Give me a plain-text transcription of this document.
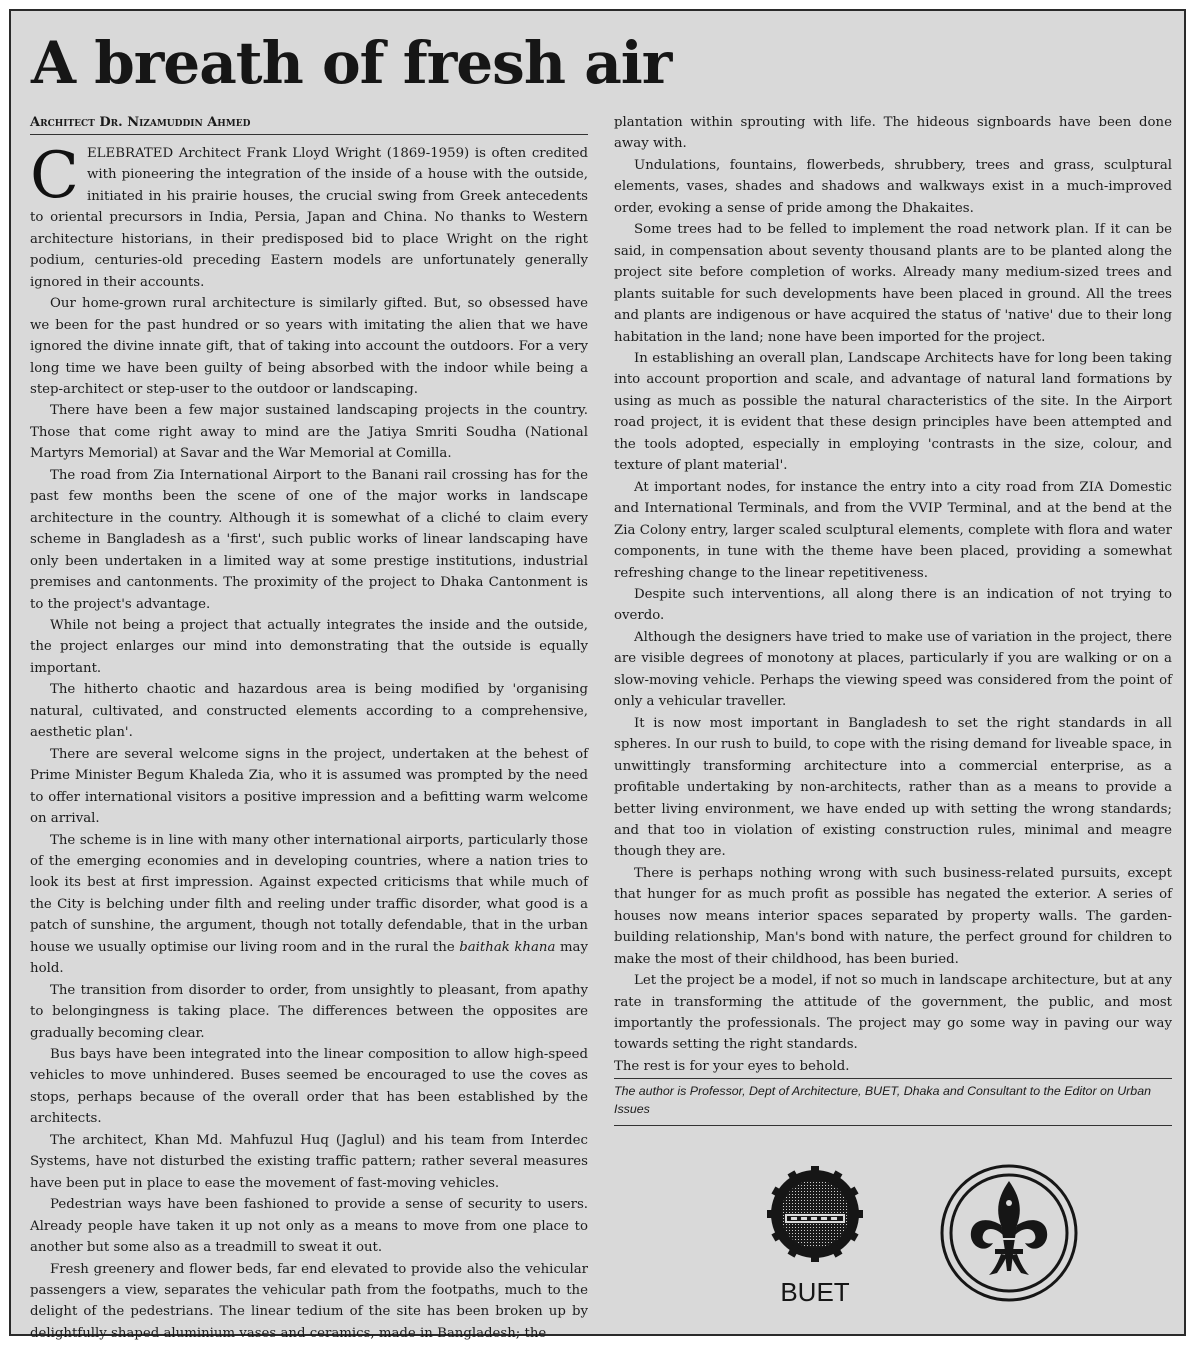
A breath of fresh air
Architect Dr. Nizamuddin Ahmed

CELEBRATED Architect Frank Lloyd Wright (1869-1959) is often credited with pioneering the integration of the inside of a house with the outside, initiated in his prairie houses, the crucial swing from Greek antecedents to oriental precursors in India, Persia, Japan and China. No thanks to Western architecture historians, in their predisposed bid to place Wright on the right podium, centuries-old preceding Eastern models are unfortunately generally ignored in their accounts.

Our home-grown rural architecture is similarly gifted. But, so obsessed have we been for the past hundred or so years with imitating the alien that we have ignored the divine innate gift, that of taking into account the outdoors. For a very long time we have been guilty of being absorbed with the indoor while being a step-architect or step-user to the outdoor or landscaping.

There have been a few major sustained landscaping projects in the country. Those that come right away to mind are the Jatiya Smriti Soudha (National Martyrs Memorial) at Savar and the War Memorial at Comilla.

The road from Zia International Airport to the Banani rail crossing has for the past few months been the scene of one of the major works in landscape architecture in the country. Although it is somewhat of a cliché to claim every scheme in Bangladesh as a 'first', such public works of linear landscaping have only been undertaken in a limited way at some prestige institutions, industrial premises and cantonments. The proximity of the project to Dhaka Cantonment is to the project's advantage.

While not being a project that actually integrates the inside and the outside, the project enlarges our mind into demonstrating that the outside is equally important.

The hitherto chaotic and hazardous area is being modified by 'organising natural, cultivated, and constructed elements according to a comprehensive, aesthetic plan'.

There are several welcome signs in the project, undertaken at the behest of Prime Minister Begum Khaleda Zia, who it is assumed was prompted by the need to offer international visitors a positive impression and a befitting warm welcome on arrival.

The scheme is in line with many other international airports, particularly those of the emerging economies and in developing countries, where a nation tries to look its best at first impression. Against expected criticisms that while much of the City is belching under filth and reeling under traffic disorder, what good is a patch of sunshine, the argument, though not totally defendable, that in the urban house we usually optimise our living room and in the rural the baithak khana may hold.

The transition from disorder to order, from unsightly to pleasant, from apathy to belongingness is taking place. The differences between the opposites are gradually becoming clear.

Bus bays have been integrated into the linear composition to allow high-speed vehicles to move unhindered. Buses seemed be encouraged to use the coves as stops, perhaps because of the overall order that has been established by the architects.

The architect, Khan Md. Mahfuzul Huq (Jaglul) and his team from Interdec Systems, have not disturbed the existing traffic pattern; rather several measures have been put in place to ease the movement of fast-moving vehicles.

Pedestrian ways have been fashioned to provide a sense of security to users. Already people have taken it up not only as a means to move from one place to another but some also as a treadmill to sweat it out.

Fresh greenery and flower beds, far end elevated to provide also the vehicular passengers a view, separates the vehicular path from the footpaths, much to the delight of the pedestrians. The linear tedium of the site has been broken up by delightfully shaped aluminium vases and ceramics, made in Bangladesh; the

plantation within sprouting with life. The hideous signboards have been done away with.

Undulations, fountains, flowerbeds, shrubbery, trees and grass, sculptural elements, vases, shades and shadows and walkways exist in a much-improved order, evoking a sense of pride among the Dhakaites.

Some trees had to be felled to implement the road network plan. If it can be said, in compensation about seventy thousand plants are to be planted along the project site before completion of works. Already many medium-sized trees and plants suitable for such developments have been placed in ground. All the trees and plants are indigenous or have acquired the status of 'native' due to their long habitation in the land; none have been imported for the project.

In establishing an overall plan, Landscape Architects have for long been taking into account proportion and scale, and advantage of natural land formations by using as much as possible the natural characteristics of the site. In the Airport road project, it is evident that these design principles have been attempted and the tools adopted, especially in employing 'contrasts in the size, colour, and texture of plant material'.

At important nodes, for instance the entry into a city road from ZIA Domestic and International Terminals, and from the VVIP Terminal, and at the bend at the Zia Colony entry, larger scaled sculptural elements, complete with flora and water components, in tune with the theme have been placed, providing a somewhat refreshing change to the linear repetitiveness.

Despite such interventions, all along there is an indication of not trying to overdo.

Although the designers have tried to make use of variation in the project, there are visible degrees of monotony at places, particularly if you are walking or on a slow-moving vehicle. Perhaps the viewing speed was considered from the point of only a vehicular traveller.

It is now most important in Bangladesh to set the right standards in all spheres. In our rush to build, to cope with the rising demand for liveable space, in unwittingly transforming architecture into a commercial enterprise, as a profitable undertaking by non-architects, rather than as a means to provide a better living environment, we have ended up with setting the wrong standards; and that too in violation of existing construction rules, minimal and meagre though they are.

There is perhaps nothing wrong with such business-related pursuits, except that hunger for as much profit as possible has negated the exterior. A series of houses now means interior spaces separated by property walls. The garden-building relationship, Man's bond with nature, the perfect ground for children to make the most of their childhood, has been buried.

Let the project be a model, if not so much in landscape architecture, but at any rate in transforming the attitude of the government, the public, and most importantly the professionals. The project may go some way in paving our way towards setting the right standards.

The rest is for your eyes to behold.

The author is Professor, Dept of Architecture, BUET, Dhaka and Consultant to the Editor on Urban Issues
BUET
